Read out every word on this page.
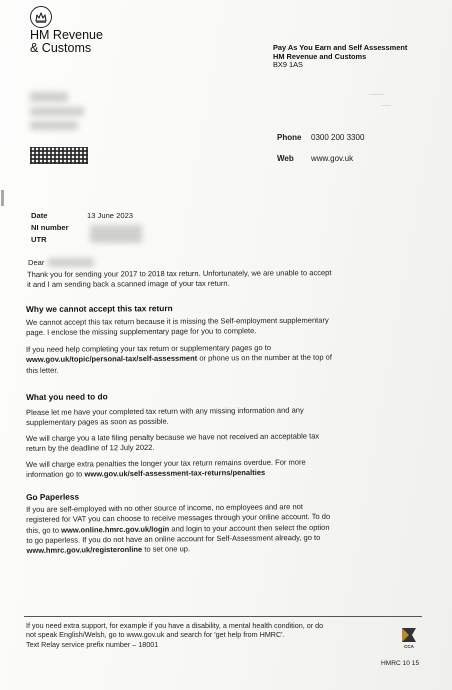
HM Revenue
& Customs	Pay As You Earn and Self Assessment
HM Revenue and Customs
BX9 1AS
———
——
Phone 0300 200 3300
Web www.gov.uk
Date	13 June 2023
NI number
UTR
Dear
Thank you for sending your 2017 to 2018 tax return. Unfortunately, we are unable to accept
it and I am sending back a scanned image of your tax return.
Why we cannot accept this tax return
We cannot accept this tax return because it is missing the Self-employment supplementary
page. I enclose the missing supplementary page for you to complete.
If you need help completing your tax return or supplementary pages go to
www.gov.uk/topic/personal-tax/self-assessment or phone us on the number at the top of
this letter.
What you need to do
Please let me have your completed tax return with any missing information and any
supplementary pages as soon as possible.
We will charge you a late filing penalty because we have not received an acceptable tax
return by the deadline of 12 July 2022.
We will charge extra penalties the longer your tax return remains overdue. For more
information go to www.gov.uk/self-assessment-tax-returns/penalties
Go Paperless
If you are self-employed with no other source of income, no employees and are not
registered for VAT you can choose to receive messages through your online account. To do
this, go to www.online.hmrc.gov.uk/login and login to your account then select the option
to go paperless. If you do not have an online account for Self-Assessment already, go to
www.hmrc.gov.uk/registeronline to set one up.
If you need extra support, for example if you have a disability, a mental health condition, or do
not speak English/Welsh, go to www.gov.uk and search for 'get help from HMRC'.
Text Relay service prefix number – 18001	CCA
HMRC 10 15
